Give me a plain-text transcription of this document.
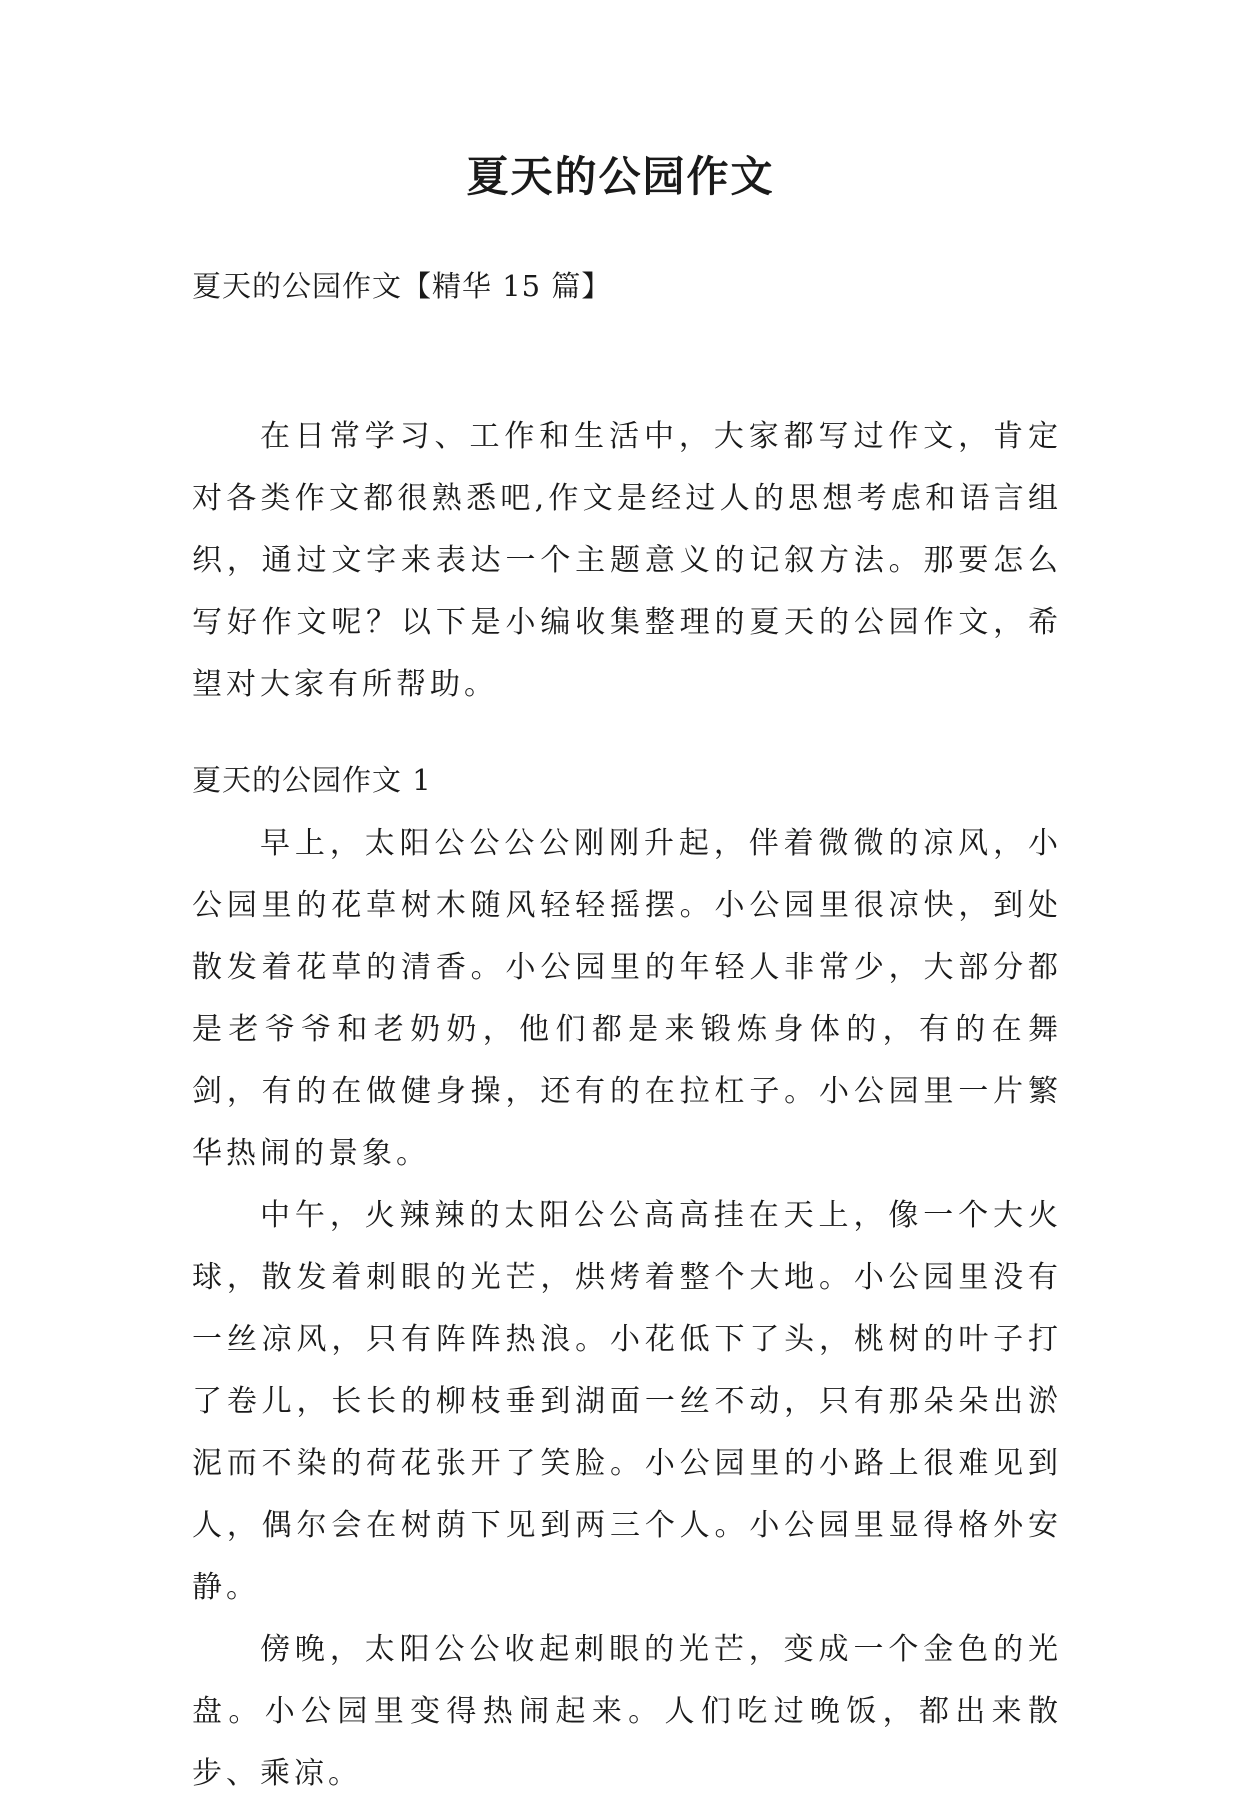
夏天的公园作文
夏天的公园作文【精华 15 篇】

在日常学习、工作和生活中，大家都写过作文，肯定对各类作文都很熟悉吧,作文是经过人的思想考虑和语言组织，通过文字来表达一个主题意义的记叙方法。那要怎么写好作文呢？以下是小编收集整理的夏天的公园作文，希望对大家有所帮助。

夏天的公园作文 1

早上，太阳公公公公刚刚升起，伴着微微的凉风，小公园里的花草树木随风轻轻摇摆。小公园里很凉快，到处散发着花草的清香。小公园里的年轻人非常少，大部分都是老爷爷和老奶奶，他们都是来锻炼身体的，有的在舞剑，有的在做健身操，还有的在拉杠子。小公园里一片繁华热闹的景象。

中午，火辣辣的太阳公公高高挂在天上，像一个大火球，散发着刺眼的光芒，烘烤着整个大地。小公园里没有一丝凉风，只有阵阵热浪。小花低下了头，桃树的叶子打了卷儿，长长的柳枝垂到湖面一丝不动，只有那朵朵出淤泥而不染的荷花张开了笑脸。小公园里的小路上很难见到人，偶尔会在树荫下见到两三个人。小公园里显得格外安静。

傍晚，太阳公公收起刺眼的光芒，变成一个金色的光盘。小公园里变得热闹起来。人们吃过晚饭，都出来散步、乘凉。
